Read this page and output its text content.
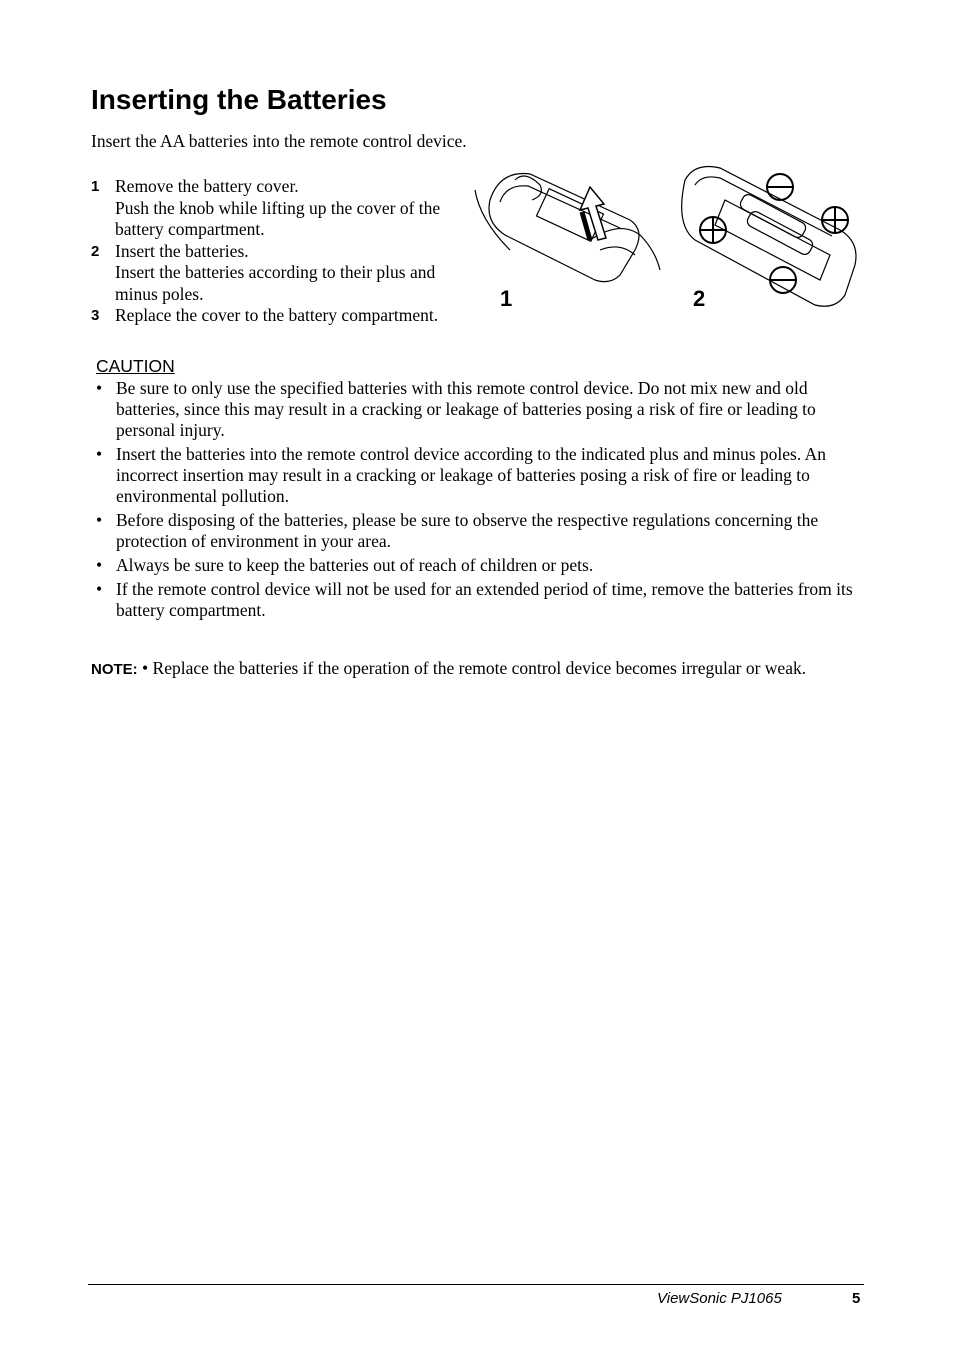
Inserting the Batteries

Insert the AA batteries into the remote control device.

1 Remove the battery cover.
Push the knob while lifting up the cover of the battery compartment.
2 Insert the batteries.
Insert the batteries according to their plus and minus poles.
3 Replace the cover to the battery compartment.
1	2

CAUTION

• Be sure to only use the specified batteries with this remote control device. Do not mix new and old batteries, since this may result in a cracking or leakage of batteries posing a risk of fire or leading to personal injury.
• Insert the batteries into the remote control device according to the indicated plus and minus poles. An incorrect insertion may result in a cracking or leakage of batteries posing a risk of fire or leading to environmental pollution.
• Before disposing of the batteries, please be sure to observe the respective regulations concerning the protection of environment in your area.
• Always be sure to keep the batteries out of reach of children or pets.
• If the remote control device will not be used for an extended period of time, remove the batteries from its battery compartment.

NOTE: • Replace the batteries if the operation of the remote control device becomes irregular or weak.

ViewSonic PJ1065	5
